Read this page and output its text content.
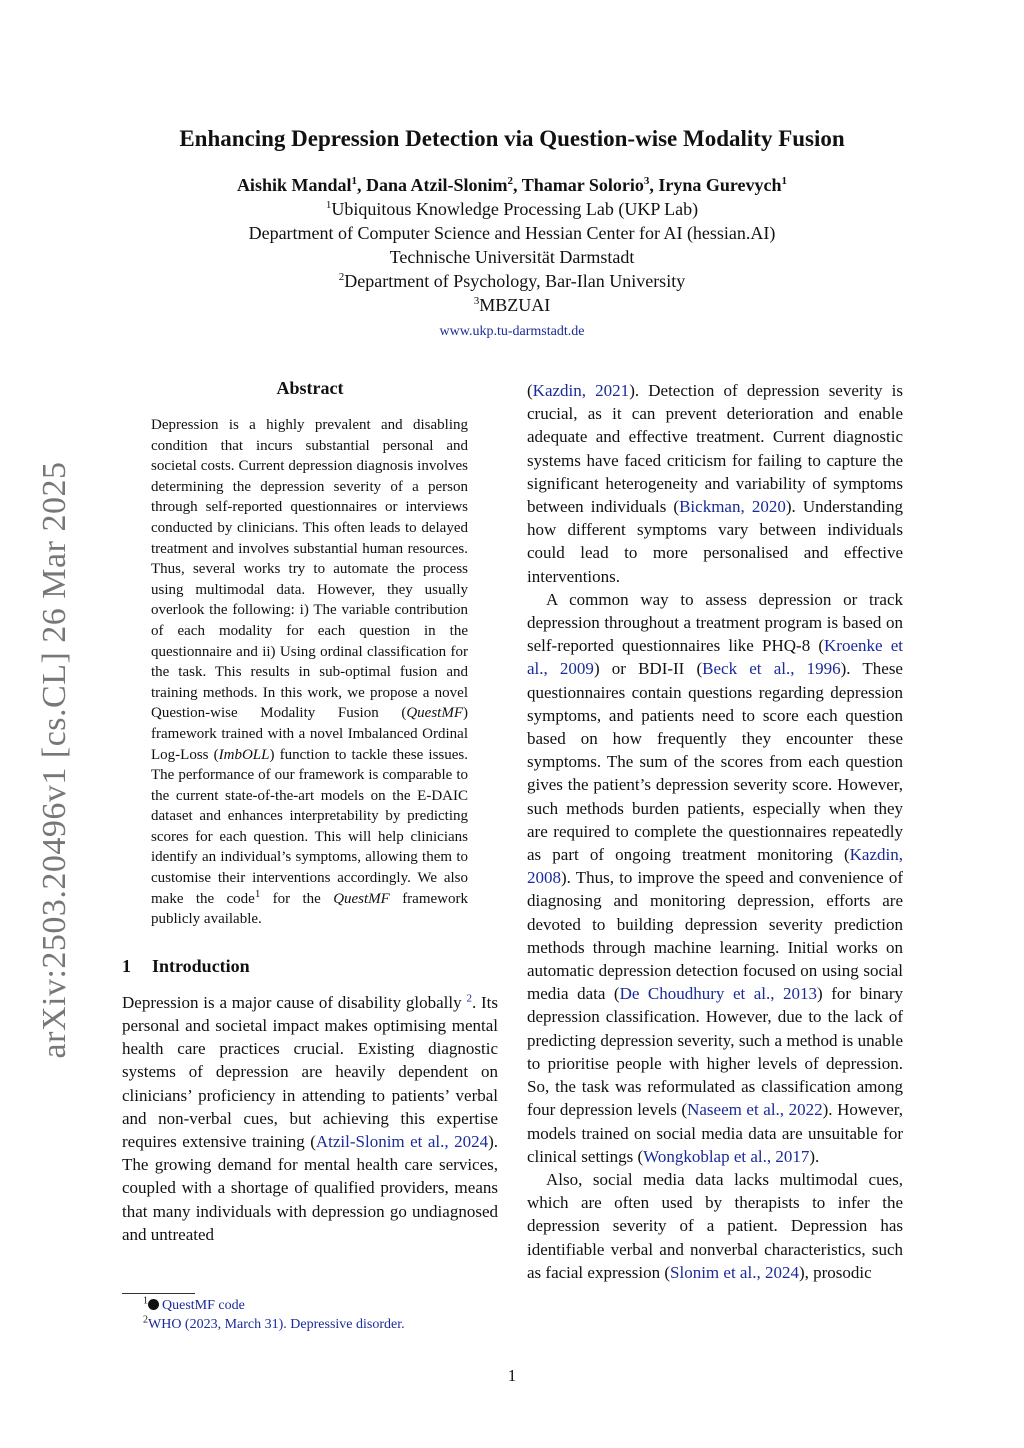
arXiv:2503.20496v1 [cs.CL] 26 Mar 2025
Enhancing Depression Detection via Question-wise Modality Fusion
Aishik Mandal$^1$, Dana Atzil-Slonim$^2$, Thamar Solorio$^3$, Iryna Gurevych$^1$
$^1$Ubiquitous Knowledge Processing Lab (UKP Lab)
Department of Computer Science and Hessian Center for AI (hessian.AI)
Technische Universität Darmstadt
$^2$Department of Psychology, Bar-Ilan University
$^3$MBZUAI
www.ukp.tu-darmstadt.de
Abstract

Depression is a highly prevalent and disabling condition that incurs substantial personal and societal costs. Current depression diagnosis involves determining the depression severity of a person through self-reported questionnaires or interviews conducted by clinicians. This often leads to delayed treatment and involves substantial human resources. Thus, several works try to automate the process using multimodal data. However, they usually overlook the following: i) The variable contribution of each modality for each question in the questionnaire and ii) Using ordinal classification for the task. This results in sub-optimal fusion and training methods. In this work, we propose a novel Question-wise Modality Fusion (QuestMF) framework trained with a novel Imbalanced Ordinal Log-Loss (ImbOLL) function to tackle these issues. The performance of our framework is comparable to the current state-of-the-art models on the E-DAIC dataset and enhances interpretability by predicting scores for each question. This will help clinicians identify an individual’s symptoms, allowing them to customise their interventions accordingly. We also make the code$^1$ for the QuestMF framework publicly available.

1 Introduction

Depression is a major cause of disability globally $^2$. Its personal and societal impact makes optimising mental health care practices crucial. Existing diagnostic systems of depression are heavily dependent on clinicians’ proficiency in attending to patients’ verbal and non-verbal cues, but achieving this expertise requires extensive training (Atzil-Slonim et al., 2024). The growing demand for mental health care services, coupled with a shortage of qualified providers, means that many individuals with depression go undiagnosed and untreated

(Kazdin, 2021). Detection of depression severity is crucial, as it can prevent deterioration and enable adequate and effective treatment. Current diagnostic systems have faced criticism for failing to capture the significant heterogeneity and variability of symptoms between individuals (Bickman, 2020). Understanding how different symptoms vary between individuals could lead to more personalised and effective interventions.

A common way to assess depression or track depression throughout a treatment program is based on self-reported questionnaires like PHQ-8 (Kroenke et al., 2009) or BDI-II (Beck et al., 1996). These questionnaires contain questions regarding depression symptoms, and patients need to score each question based on how frequently they encounter these symptoms. The sum of the scores from each question gives the patient’s depression severity score. However, such methods burden patients, especially when they are required to complete the questionnaires repeatedly as part of ongoing treatment monitoring (Kazdin, 2008). Thus, to improve the speed and convenience of diagnosing and monitoring depression, efforts are devoted to building depression severity prediction methods through machine learning. Initial works on automatic depression detection focused on using social media data (De Choudhury et al., 2013) for binary depression classification. However, due to the lack of predicting depression severity, such a method is unable to prioritise people with higher levels of depression. So, the task was reformulated as classification among four depression levels (Naseem et al., 2022). However, models trained on social media data are unsuitable for clinical settings (Wongkoblap et al., 2017).

Also, social media data lacks multimodal cues, which are often used by therapists to infer the depression severity of a patient. Depression has identifiable verbal and nonverbal characteristics, such as facial expression (Slonim et al., 2024), prosodic

$^1$ QuestMF code
$^2$WHO (2023, March 31). Depressive disorder.
1
